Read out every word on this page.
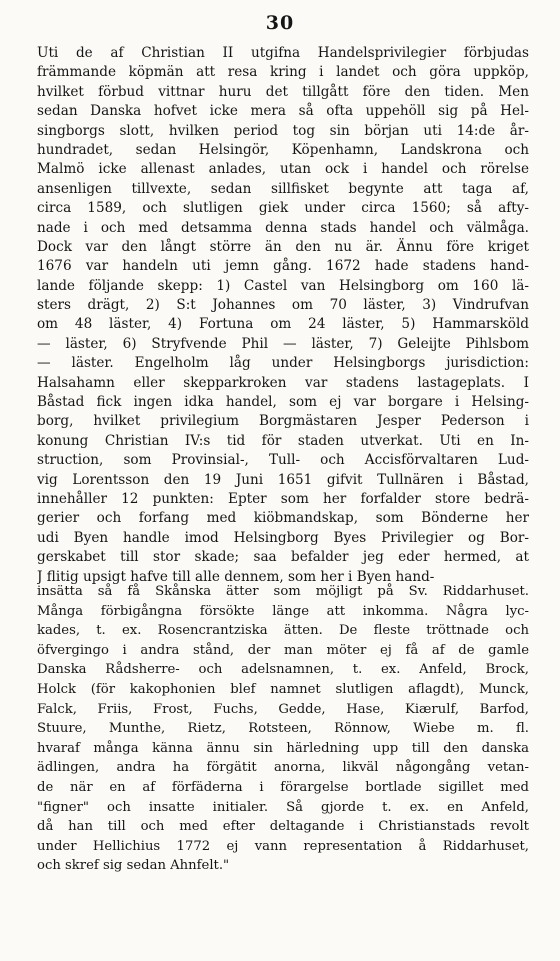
30
Uti de af Christian II utgifna Handelsprivilegier förbjudas
främmande köpmän att resa kring i landet och göra uppköp,
hvilket förbud vittnar huru det tillgått före den tiden. Men
sedan Danska hofvet icke mera så ofta uppehöll sig på Hel-
singborgs slott, hvilken period tog sin början uti 14:de år-
hundradet, sedan Helsingör, Köpenhamn, Landskrona och
Malmö icke allenast anlades, utan ock i handel och rörelse
ansenligen tillvexte, sedan sillfisket begynte att taga af,
circa 1589, och slutligen giek under circa 1560; så afty-
nade i och med detsamma denna stads handel och välmåga.
Dock var den långt större än den nu är. Ännu före kriget
1676 var handeln uti jemn gång. 1672 hade stadens hand-
lande följande skepp: 1) Castel van Helsingborg om 160 lä-
sters drägt, 2) S:t Johannes om 70 läster, 3) Vindrufvan
om 48 läster, 4) Fortuna om 24 läster, 5) Hammarsköld
— läster, 6) Stryfvende Phil — läster, 7) Geleijte Pihlsbom
— läster. Engelholm låg under Helsingborgs jurisdiction:
Halsahamn eller skepparkroken var stadens lastageplats. I
Båstad fick ingen idka handel, som ej var borgare i Helsing-
borg, hvilket privilegium Borgmästaren Jesper Pederson i
konung Christian IV:s tid för staden utverkat. Uti en In-
struction, som Provinsial-, Tull- och Accisförvaltaren Lud-
vig Lorentsson den 19 Juni 1651 gifvit Tullnären i Båstad,
innehåller 12 punkten: Epter som her forfalder store bedrä-
gerier och forfang med kiöbmandskap, som Bönderne her
udi Byen handle imod Helsingborg Byes Privilegier og Bor-
gerskabet till stor skade; saa befalder jeg eder hermed, at
J flitig upsigt hafve till alle dennem, som her i Byen hand-
insätta så få Skånska ätter som möjligt på Sv. Riddarhuset.
Många förbigångna försökte länge att inkomma. Några lyc-
kades, t. ex. Rosencrantziska ätten. De fleste tröttnade och
öfvergingo i andra stånd, der man möter ej få af de gamle
Danska Rådsherre- och adelsnamnen, t. ex. Anfeld, Brock,
Holck (för kakophonien blef namnet slutligen aflagdt), Munck,
Falck, Friis, Frost, Fuchs, Gedde, Hase, Kiærulf, Barfod,
Stuure, Munthe, Rietz, Rotsteen, Rönnow, Wiebe m. fl.
hvaraf många känna ännu sin härledning upp till den danska
ädlingen, andra ha förgätit anorna, likväl någongång vetan-
de när en af förfäderna i förargelse bortlade sigillet med
"figner" och insatte initialer. Så gjorde t. ex. en Anfeld,
då han till och med efter deltagande i Christianstads revolt
under Hellichius 1772 ej vann representation å Riddarhuset,
och skref sig sedan Ahnfelt."
